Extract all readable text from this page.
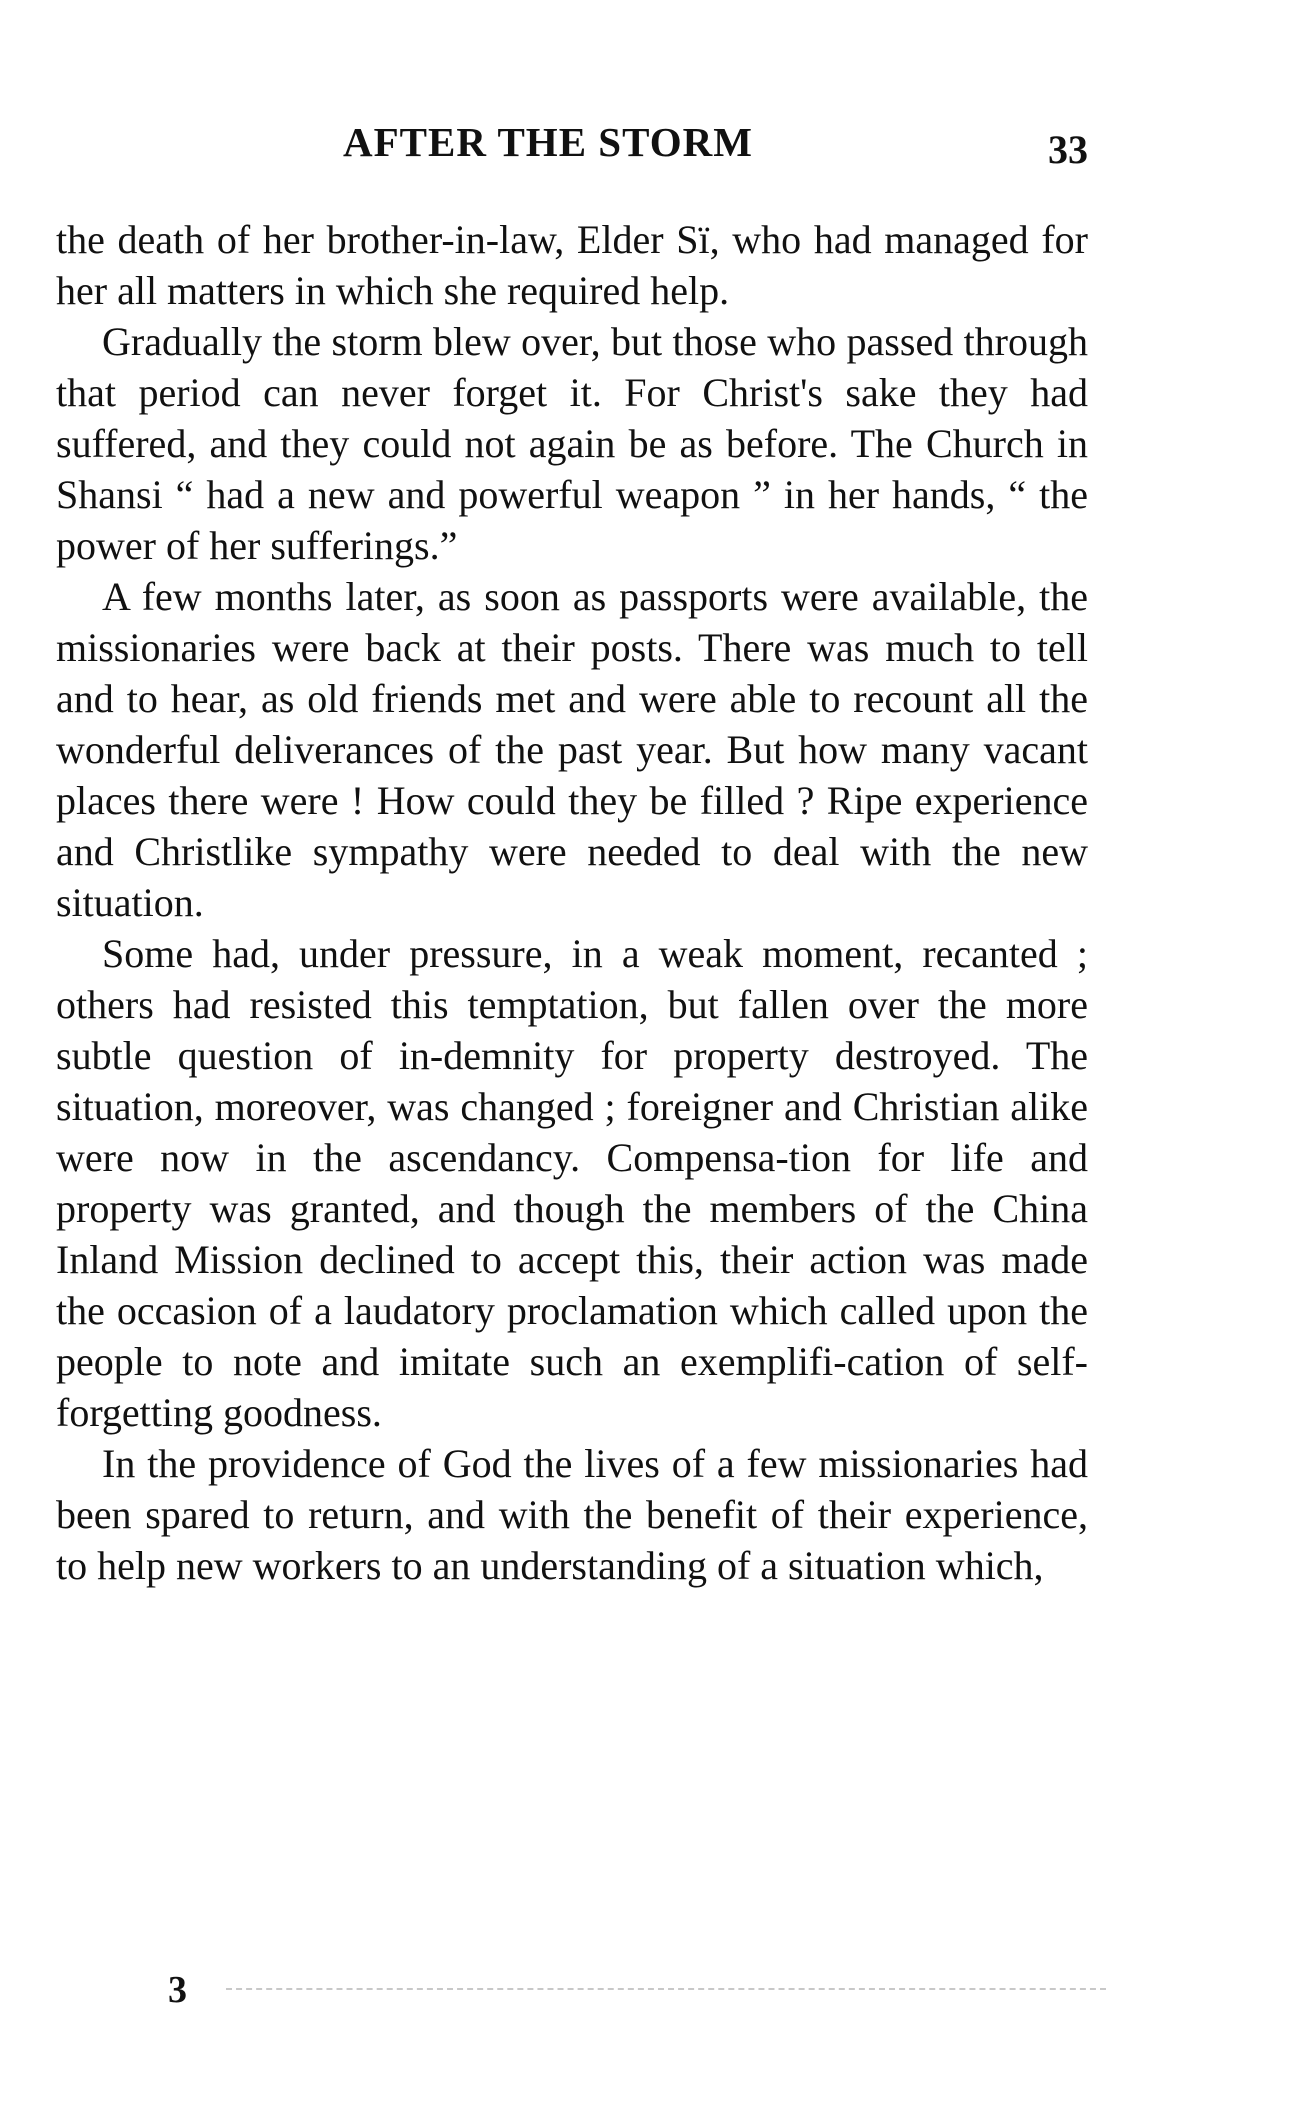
AFTER THE STORM	33

the death of her brother-in-law, Elder Sï, who had managed for her all matters in which she required help.

Gradually the storm blew over, but those who passed through that period can never forget it. For Christ's sake they had suffered, and they could not again be as before. The Church in Shansi “ had a new and powerful weapon ” in her hands, “ the power of her sufferings.”

A few months later, as soon as passports were available, the missionaries were back at their posts. There was much to tell and to hear, as old friends met and were able to recount all the wonderful deliverances of the past year. But how many vacant places there were ! How could they be filled ? Ripe experience and Christlike sympathy were needed to deal with the new situation.

Some had, under pressure, in a weak moment, recanted ; others had resisted this temptation, but fallen over the more subtle question of in-demnity for property destroyed. The situation, moreover, was changed ; foreigner and Christian alike were now in the ascendancy. Compensa-tion for life and property was granted, and though the members of the China Inland Mission declined to accept this, their action was made the occasion of a laudatory proclamation which called upon the people to note and imitate such an exemplifi-cation of self-forgetting goodness.

In the providence of God the lives of a few missionaries had been spared to return, and with the benefit of their experience, to help new workers to an understanding of a situation which,

3
